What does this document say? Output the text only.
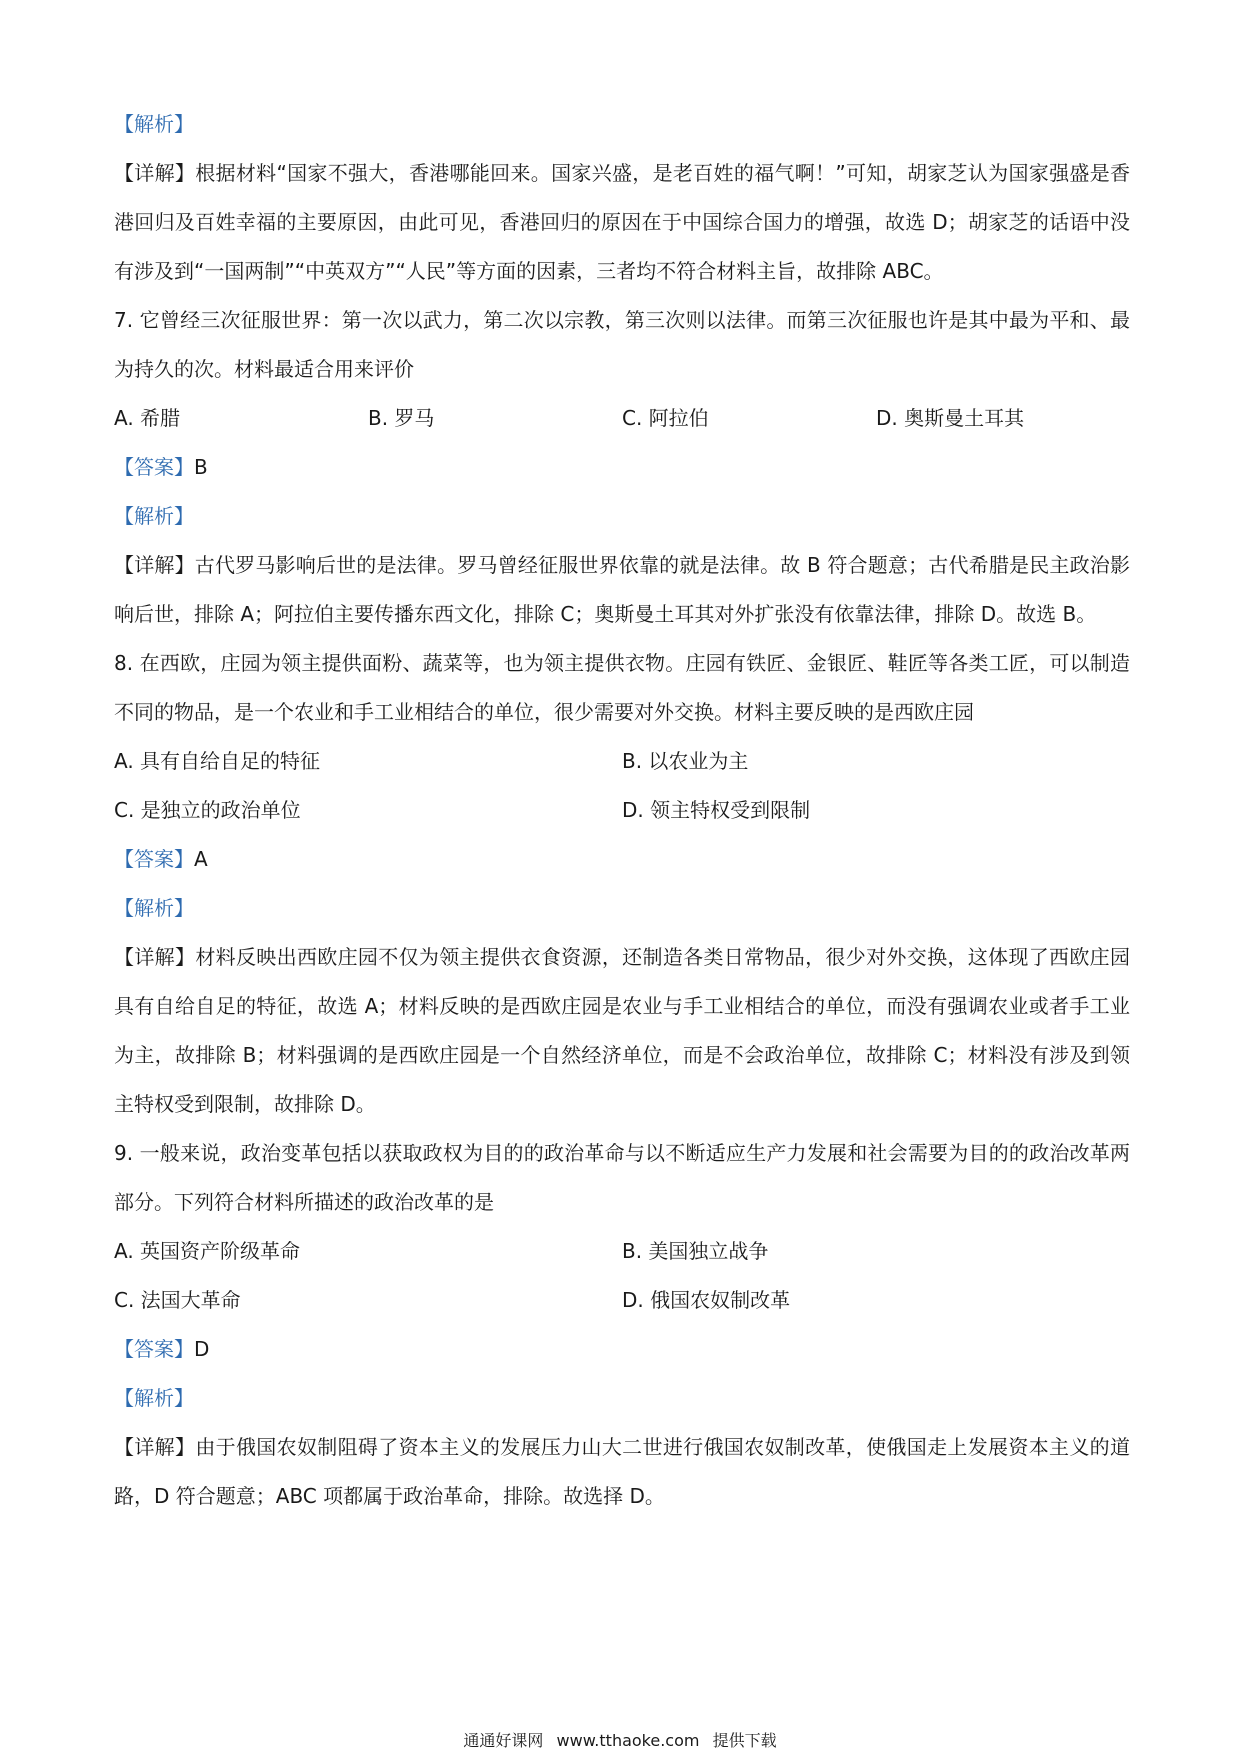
【解析】
【详解】根据材料“国家不强大，香港哪能回来。国家兴盛，是老百姓的福气啊！”可知，胡家芝认为国家强盛是香港回归及百姓幸福的主要原因，由此可见，香港回归的原因在于中国综合国力的增强，故选 D；胡家芝的话语中没有涉及到“一国两制”“中英双方”“人民”等方面的因素，三者均不符合材料主旨，故排除 ABC。
7. 它曾经三次征服世界：第一次以武力，第二次以宗教，第三次则以法律。而第三次征服也许是其中最为平和、最为持久的次。材料最适合用来评价
A. 希腊	B. 罗马	C. 阿拉伯	D. 奥斯曼土耳其
【答案】B
【解析】
【详解】古代罗马影响后世的是法律。罗马曾经征服世界依靠的就是法律。故 B 符合题意；古代希腊是民主政治影响后世，排除 A；阿拉伯主要传播东西文化，排除 C；奥斯曼土耳其对外扩张没有依靠法律，排除 D。故选 B。
8. 在西欧，庄园为领主提供面粉、蔬菜等，也为领主提供衣物。庄园有铁匠、金银匠、鞋匠等各类工匠，可以制造不同的物品，是一个农业和手工业相结合的单位，很少需要对外交换。材料主要反映的是西欧庄园
A. 具有自给自足的特征	B. 以农业为主
C. 是独立的政治单位	D. 领主特权受到限制
【答案】A
【解析】
【详解】材料反映出西欧庄园不仅为领主提供衣食资源，还制造各类日常物品，很少对外交换，这体现了西欧庄园具有自给自足的特征，故选 A；材料反映的是西欧庄园是农业与手工业相结合的单位，而没有强调农业或者手工业为主，故排除 B；材料强调的是西欧庄园是一个自然经济单位，而是不会政治单位，故排除 C；材料没有涉及到领主特权受到限制，故排除 D。
9. 一般来说，政治变革包括以获取政权为目的的政治革命与以不断适应生产力发展和社会需要为目的的政治改革两部分。下列符合材料所描述的政治改革的是
A. 英国资产阶级革命	B. 美国独立战争
C. 法国大革命	D. 俄国农奴制改革
【答案】D
【解析】
【详解】由于俄国农奴制阻碍了资本主义的发展压力山大二世进行俄国农奴制改革，使俄国走上发展资本主义的道路，D 符合题意；ABC 项都属于政治革命，排除。故选择 D。
通通好课网 www.tthaoke.com 提供下载
